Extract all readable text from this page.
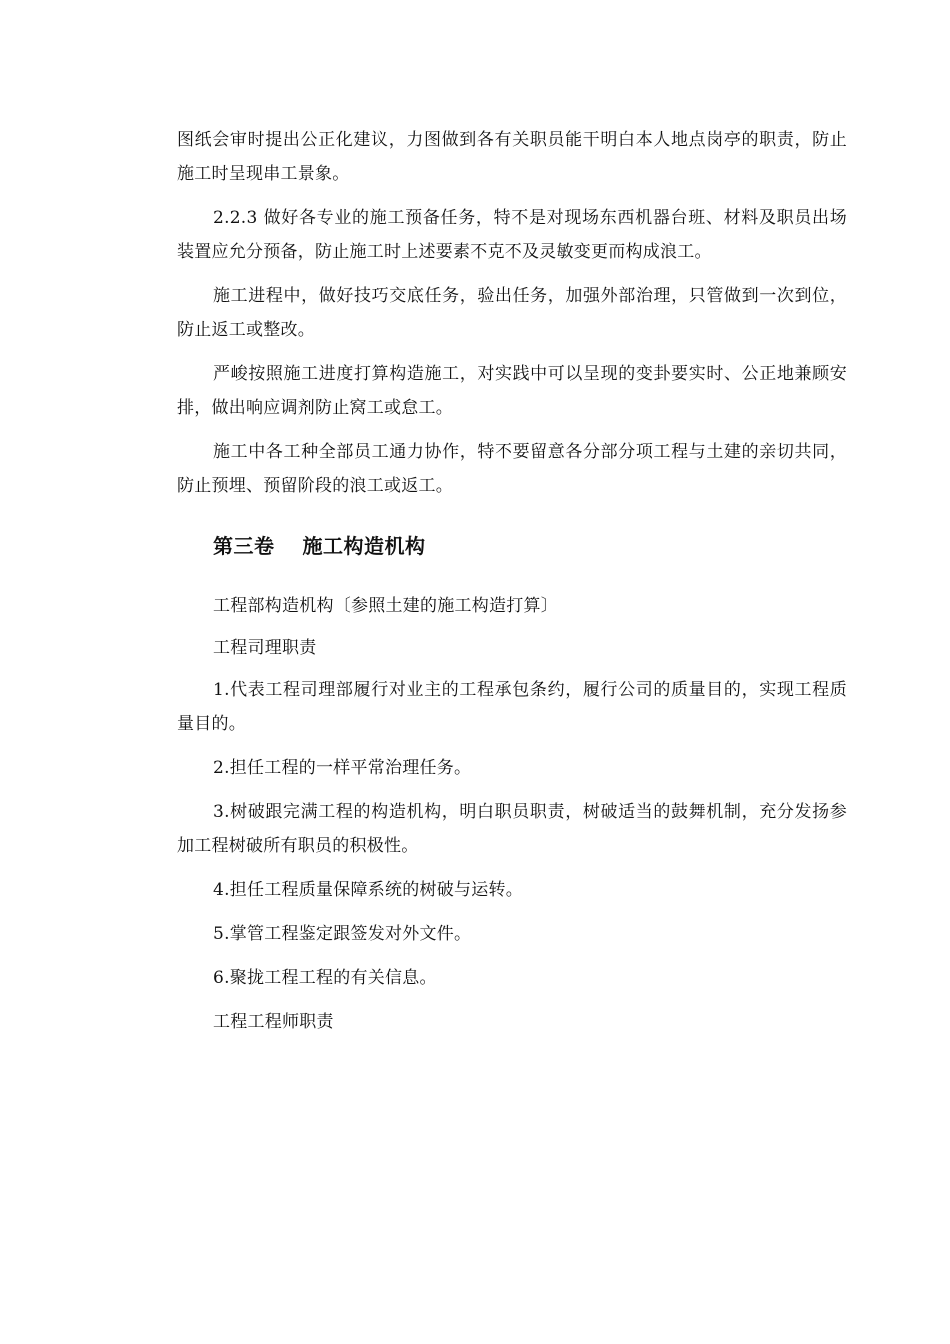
图纸会审时提出公正化建议，力图做到各有关职员能干明白本人地点岗亭的职责，防止施工时呈现串工景象。

2.2.3 做好各专业的施工预备任务，特不是对现场东西机器台班、材料及职员出场装置应允分预备，防止施工时上述要素不克不及灵敏变更而构成浪工。

施工进程中，做好技巧交底任务，验出任务，加强外部治理，只管做到一次到位，防止返工或整改。

严峻按照施工进度打算构造施工，对实践中可以呈现的变卦要实时、公正地兼顾安排，做出响应调剂防止窝工或怠工。

施工中各工种全部员工通力协作，特不要留意各分部分项工程与土建的亲切共同，防止预埋、预留阶段的浪工或返工。

第三卷 施工构造机构

工程部构造机构〔参照土建的施工构造打算〕

工程司理职责

1.代表工程司理部履行对业主的工程承包条约，履行公司的质量目的，实现工程质量目的。

2.担任工程的一样平常治理任务。

3.树破跟完满工程的构造机构，明白职员职责，树破适当的鼓舞机制，充分发扬参加工程树破所有职员的积极性。

4.担任工程质量保障系统的树破与运转。

5.掌管工程鉴定跟签发对外文件。

6.聚拢工程工程的有关信息。

工程工程师职责
